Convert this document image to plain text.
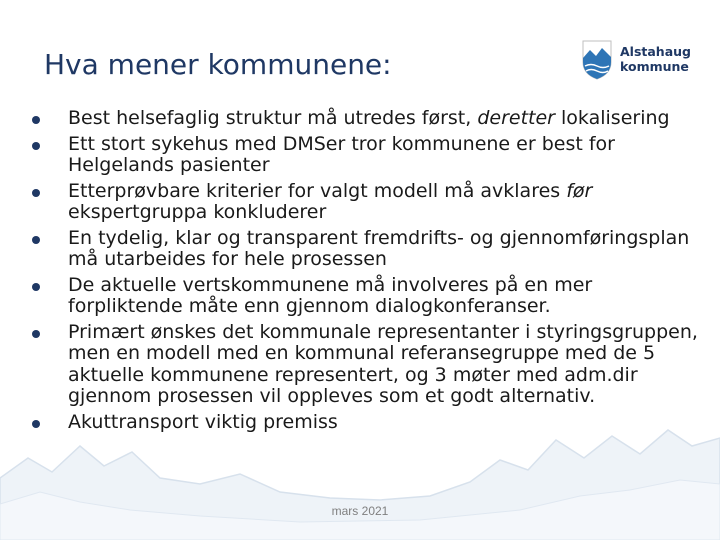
Hva mener kommunene:	Alstahaug
kommune
Best helsefaglig struktur må utredes først, deretter lokalisering
Ett stort sykehus med DMSer tror kommunene er best for Helgelands pasienter
Etterprøvbare kriterier for valgt modell må avklares før ekspertgruppa konkluderer
En tydelig, klar og transparent fremdrifts- og gjennomføringsplan må utarbeides for hele prosessen
De aktuelle vertskommunene må involveres på en mer forpliktende måte enn gjennom dialogkonferanser.
Primært ønskes det kommunale representanter i styringsgruppen, men en modell med en kommunal referansegruppe med de 5 aktuelle kommunene representert, og 3 møter med adm.dir gjennom prosessen vil oppleves som et godt alternativ.
Akuttransport viktig premiss
mars 2021
